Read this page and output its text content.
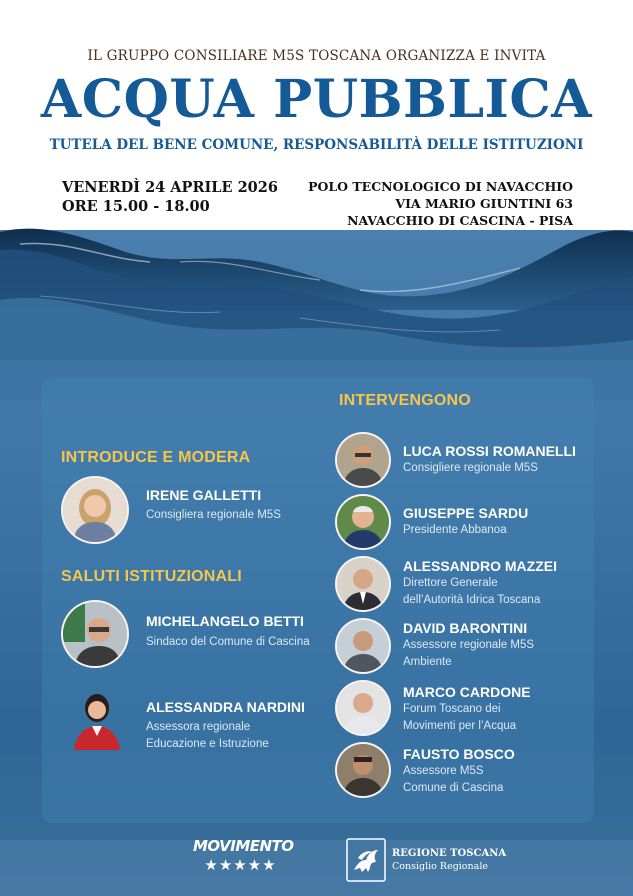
IL GRUPPO CONSILIARE M5S TOSCANA ORGANIZZA E INVITA
ACQUA PUBBLICA
TUTELA DEL BENE COMUNE, RESPONSABILITÀ DELLE ISTITUZIONI
VENERDÌ 24 APRILE 2026
ORE 15.00 - 18.00
POLO TECNOLOGICO DI NAVACCHIO
VIA MARIO GIUNTINI 63
NAVACCHIO DI CASCINA - PISA
INTERVENGONO
INTRODUCE E MODERA
SALUTI ISTITUZIONALI
IRENE GALLETTI
Consigliera regionale M5S
MICHELANGELO BETTI
Sindaco del Comune di Cascina
ALESSANDRA NARDINI
Assessora regionale
Educazione e Istruzione
LUCA ROSSI ROMANELLI
Consigliere regionale M5S
GIUSEPPE SARDU
Presidente Abbanoa
ALESSANDRO MAZZEI
Direttore Generale
dell’Autorità Idrica Toscana
DAVID BARONTINI
Assessore regionale M5S
Ambiente
MARCO CARDONE
Forum Toscano dei
Movimenti per l’Acqua
FAUSTO BOSCO
Assessore M5S
Comune di Cascina
MOVIMENTO
★★★★★
REGIONE TOSCANA
Consiglio Regionale
